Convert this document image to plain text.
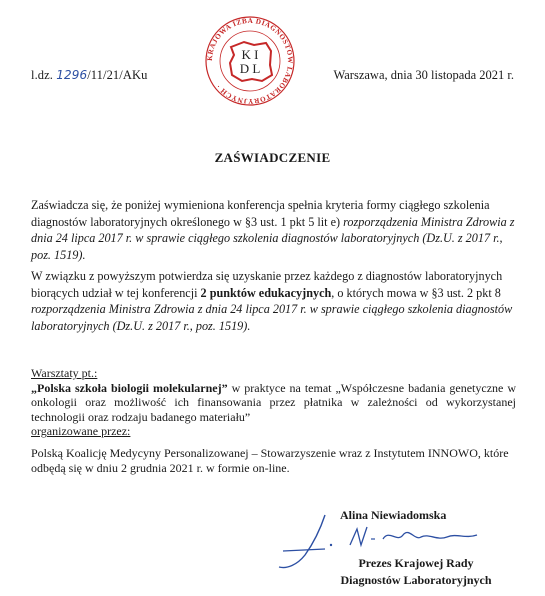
KRAJOWA IZBA DIAGNOSTÓW LABORATORYJNYCH ·
K I
D L
l.dz. 1296/11/21/AKu	Warszawa, dnia 30 listopada 2021 r.
ZAŚWIADCZENIE
Zaświadcza się, że poniżej wymieniona konferencja spełnia kryteria formy ciągłego szkolenia diagnostów laboratoryjnych określonego w §3 ust. 1 pkt 5 lit e) rozporządzenia Ministra Zdrowia z dnia 24 lipca 2017 r. w sprawie ciągłego szkolenia diagnostów laboratoryjnych (Dz.U. z 2017 r., poz. 1519).
W związku z powyższym potwierdza się uzyskanie przez każdego z diagnostów laboratoryjnych biorących udział w tej konferencji 2 punktów edukacyjnych, o których mowa w §3 ust. 2 pkt 8 rozporządzenia Ministra Zdrowia z dnia 24 lipca 2017 r. w sprawie ciągłego szkolenia diagnostów laboratoryjnych (Dz.U. z 2017 r., poz. 1519).
Warsztaty pt.:
„Polska szkoła biologii molekularnej” w praktyce na temat „Współczesne badania genetyczne w onkologii oraz możliwość ich finansowania przez płatnika w zależności od wykorzystanej technologii oraz rodzaju badanego materiału”
organizowane przez:
Polską Koalicję Medycyny Personalizowanej – Stowarzyszenie wraz z Instytutem INNOWO, które odbędą się w dniu 2 grudnia 2021 r. w formie on-line.
Alina Niewiadomska
Prezes Krajowej Rady
Diagnostów Laboratoryjnych
